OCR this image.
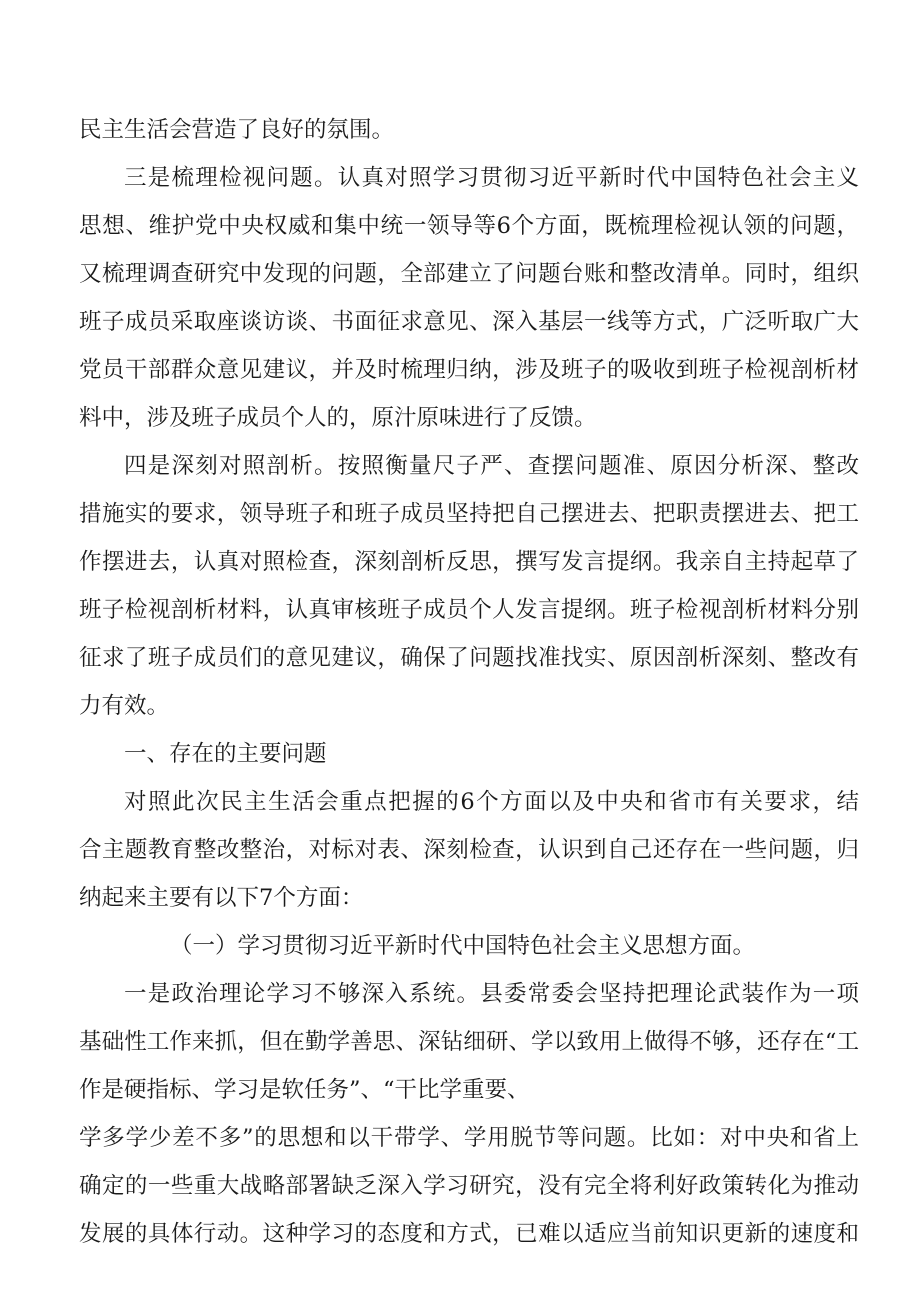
民主生活会营造了良好的氛围。
三是梳理检视问题。认真对照学习贯彻习近平新时代中国特色社会主义
思想、维护党中央权威和集中统一领导等6个方面，既梳理检视认领的问题，
又梳理调查研究中发现的问题，全部建立了问题台账和整改清单。同时，组织
班子成员采取座谈访谈、书面征求意见、深入基层一线等方式，广泛听取广大
党员干部群众意见建议，并及时梳理归纳，涉及班子的吸收到班子检视剖析材
料中，涉及班子成员个人的，原汁原味进行了反馈。
四是深刻对照剖析。按照衡量尺子严、查摆问题准、原因分析深、整改
措施实的要求，领导班子和班子成员坚持把自己摆进去、把职责摆进去、把工
作摆进去，认真对照检查，深刻剖析反思，撰写发言提纲。我亲自主持起草了
班子检视剖析材料，认真审核班子成员个人发言提纲。班子检视剖析材料分别
征求了班子成员们的意见建议，确保了问题找准找实、原因剖析深刻、整改有
力有效。
一、存在的主要问题
对照此次民主生活会重点把握的6个方面以及中央和省市有关要求，结
合主题教育整改整治，对标对表、深刻检查，认识到自己还存在一些问题，归
纳起来主要有以下7个方面：
（一）学习贯彻习近平新时代中国特色社会主义思想方面。
一是政治理论学习不够深入系统。县委常委会坚持把理论武装作为一项
基础性工作来抓，但在勤学善思、深钻细研、学以致用上做得不够，还存在“工
作是硬指标、学习是软任务”、“干比学重要、
学多学少差不多”的思想和以干带学、学用脱节等问题。比如：对中央和省上
确定的一些重大战略部署缺乏深入学习研究，没有完全将利好政策转化为推动
发展的具体行动。这种学习的态度和方式，已难以适应当前知识更新的速度和
